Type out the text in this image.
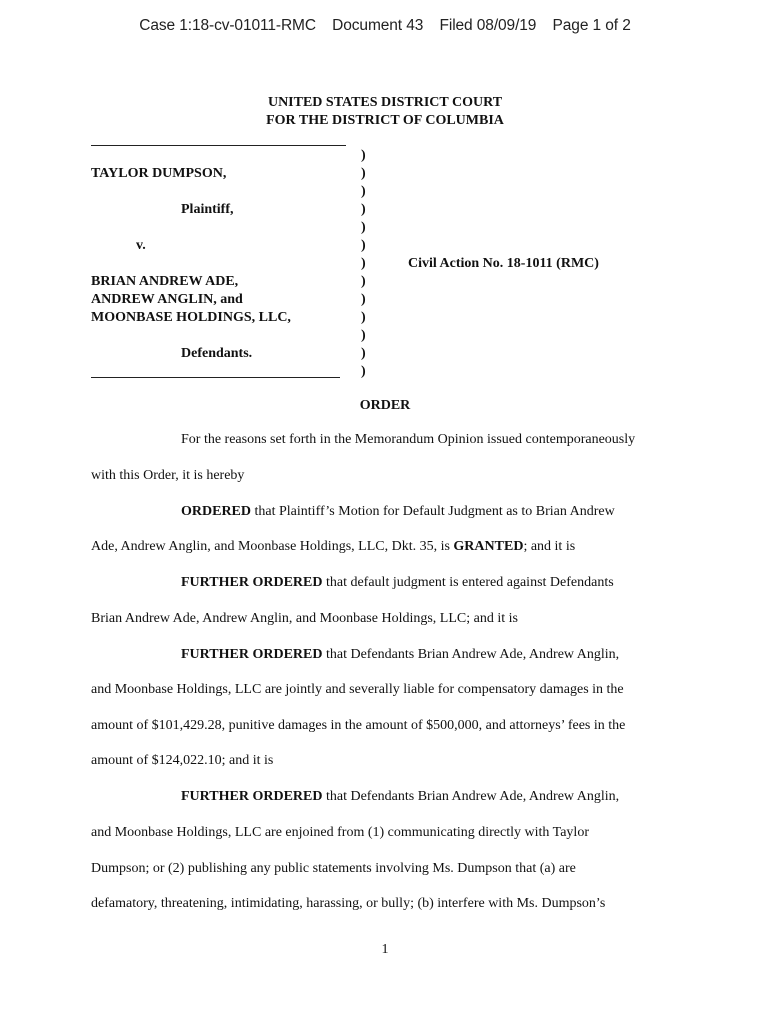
Case 1:18-cv-01011-RMC Document 43 Filed 08/09/19 Page 1 of 2
UNITED STATES DISTRICT COURT
FOR THE DISTRICT OF COLUMBIA
TAYLOR DUMPSON,
Plaintiff,
v.
BRIAN ANDREW ADE,
ANDREW ANGLIN, and
MOONBASE HOLDINGS, LLC,
Defendants.
)
)
)
)
)
)
)
)
)
)
)
)
)
Civil Action No. 18-1011 (RMC)
ORDER
For the reasons set forth in the Memorandum Opinion issued contemporaneously
with this Order, it is hereby
ORDERED that Plaintiff’s Motion for Default Judgment as to Brian Andrew
Ade, Andrew Anglin, and Moonbase Holdings, LLC, Dkt. 35, is GRANTED; and it is
FURTHER ORDERED that default judgment is entered against Defendants
Brian Andrew Ade, Andrew Anglin, and Moonbase Holdings, LLC; and it is
FURTHER ORDERED that Defendants Brian Andrew Ade, Andrew Anglin,
and Moonbase Holdings, LLC are jointly and severally liable for compensatory damages in the
amount of $101,429.28, punitive damages in the amount of $500,000, and attorneys’ fees in the
amount of $124,022.10; and it is
FURTHER ORDERED that Defendants Brian Andrew Ade, Andrew Anglin,
and Moonbase Holdings, LLC are enjoined from (1) communicating directly with Taylor
Dumpson; or (2) publishing any public statements involving Ms. Dumpson that (a) are
defamatory, threatening, intimidating, harassing, or bully; (b) interfere with Ms. Dumpson’s
1
